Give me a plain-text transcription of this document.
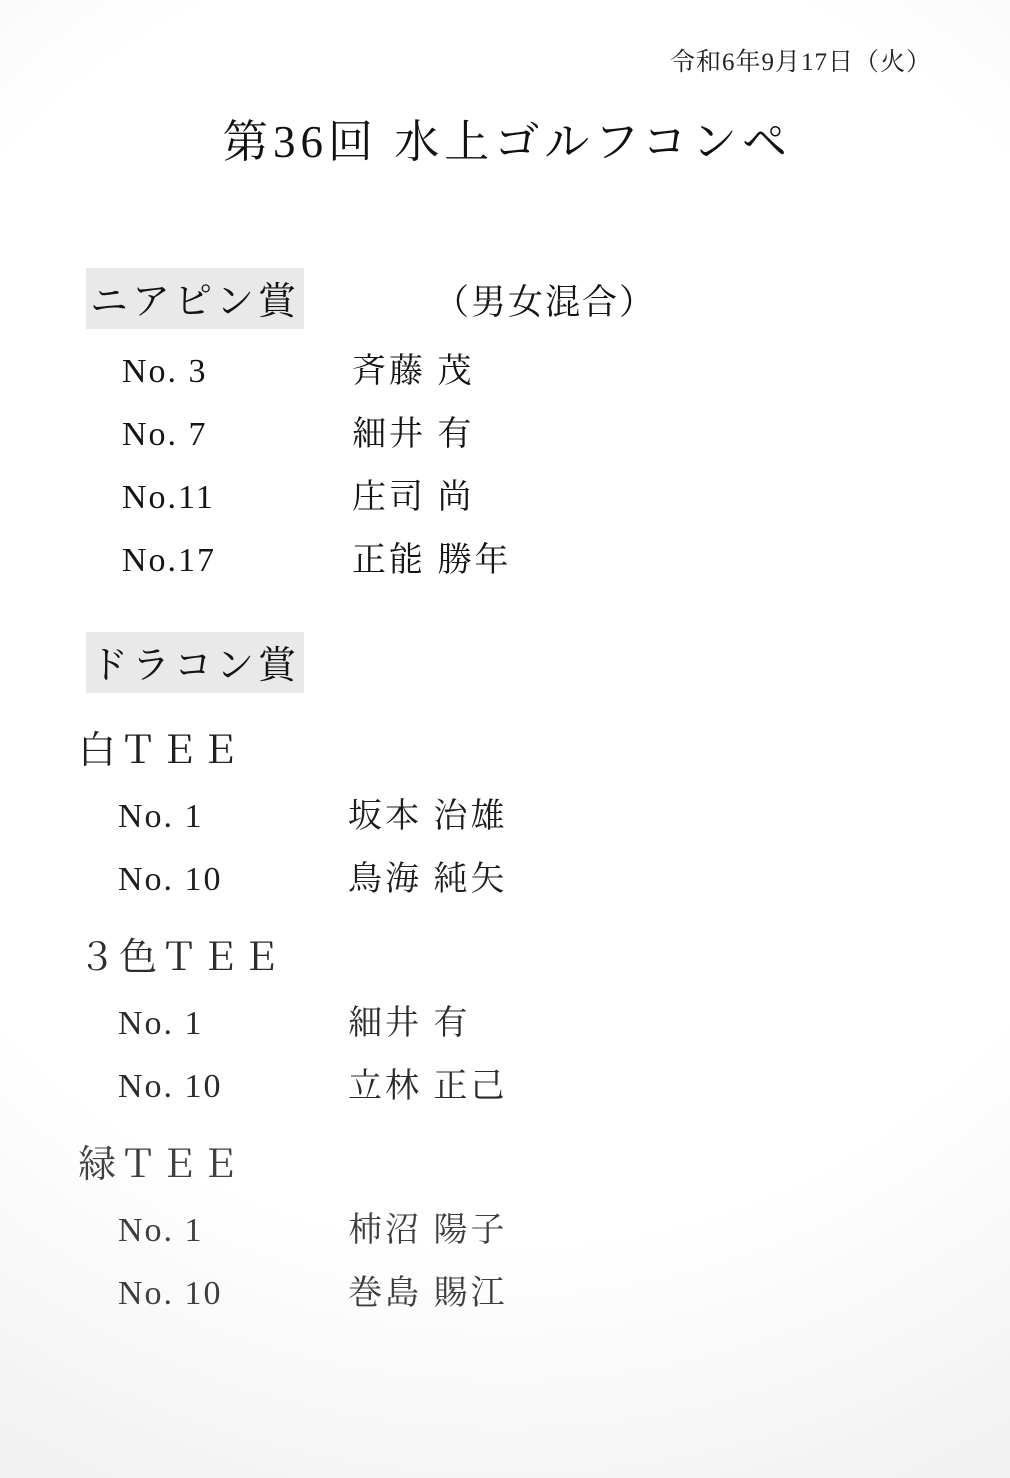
令和6年9月17日（火）
第36回 水上ゴルフコンペ
ニアピン賞	（男女混合）
No. 3	斉藤 茂
No. 7	細井 有
No.11	庄司 尚
No.17	正能 勝年
ドラコン賞
白ＴＥＥ
No. 1	坂本 治雄
No. 10	鳥海 純矢
３色ＴＥＥ
No. 1	細井 有
No. 10	立林 正己
緑ＴＥＥ
No. 1	柿沼 陽子
No. 10	巻島 賜江
